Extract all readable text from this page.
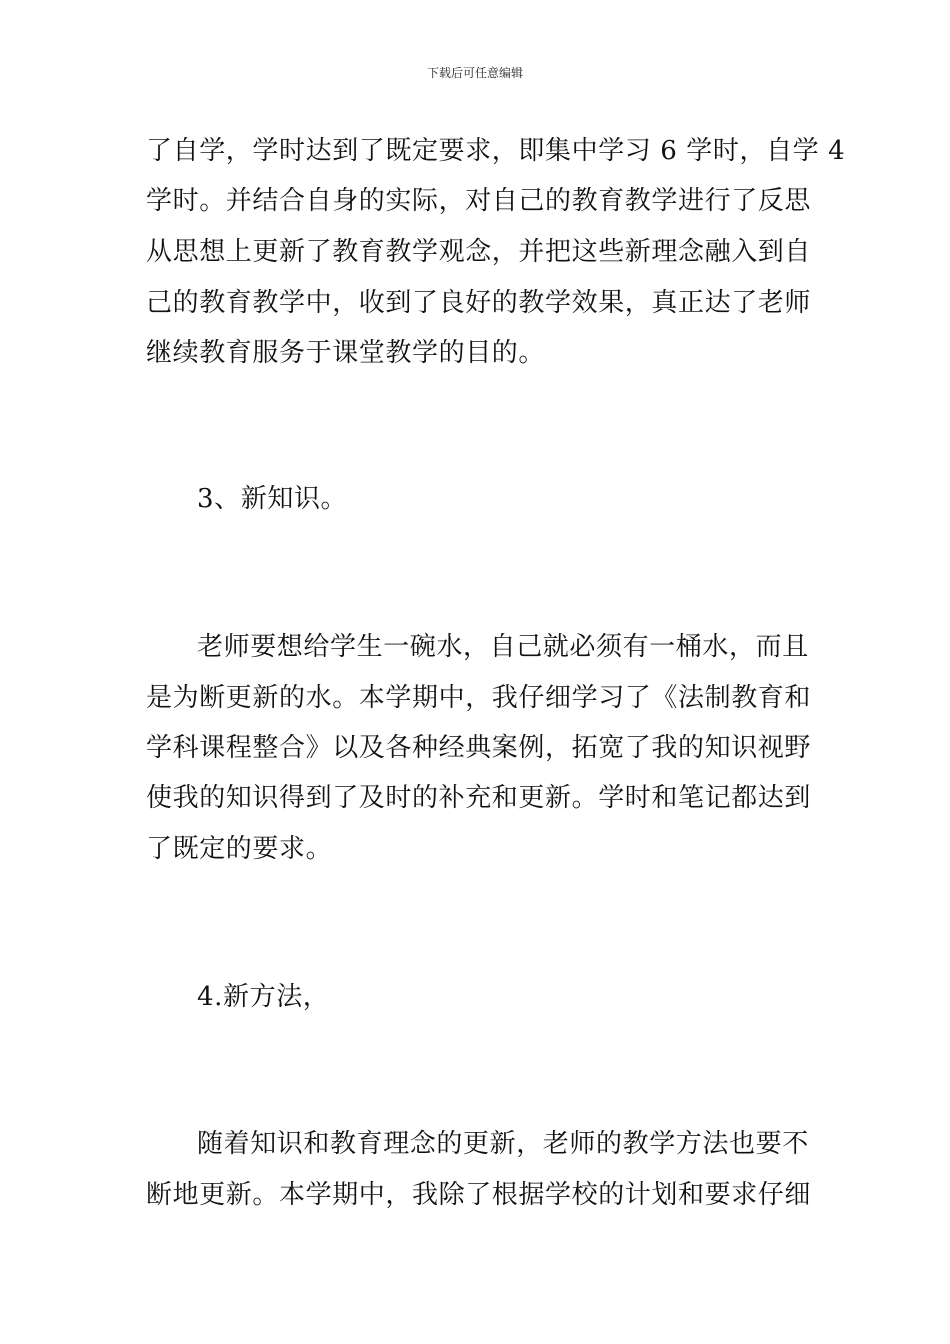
下载后可任意编辑
了自学，学时达到了既定要求，即集中学习 6 学时，自学 4
学时。并结合自身的实际，对自己的教育教学进行了反思
从思想上更新了教育教学观念，并把这些新理念融入到自
己的教育教学中，收到了良好的教学效果，真正达了老师
继续教育服务于课堂教学的目的。
3、新知识。
老师要想给学生一碗水，自己就必须有一桶水，而且
是为断更新的水。本学期中，我仔细学习了《法制教育和
学科课程整合》以及各种经典案例，拓宽了我的知识视野
使我的知识得到了及时的补充和更新。学时和笔记都达到
了既定的要求。
4.新方法，
随着知识和教育理念的更新，老师的教学方法也要不
断地更新。本学期中，我除了根据学校的计划和要求仔细
